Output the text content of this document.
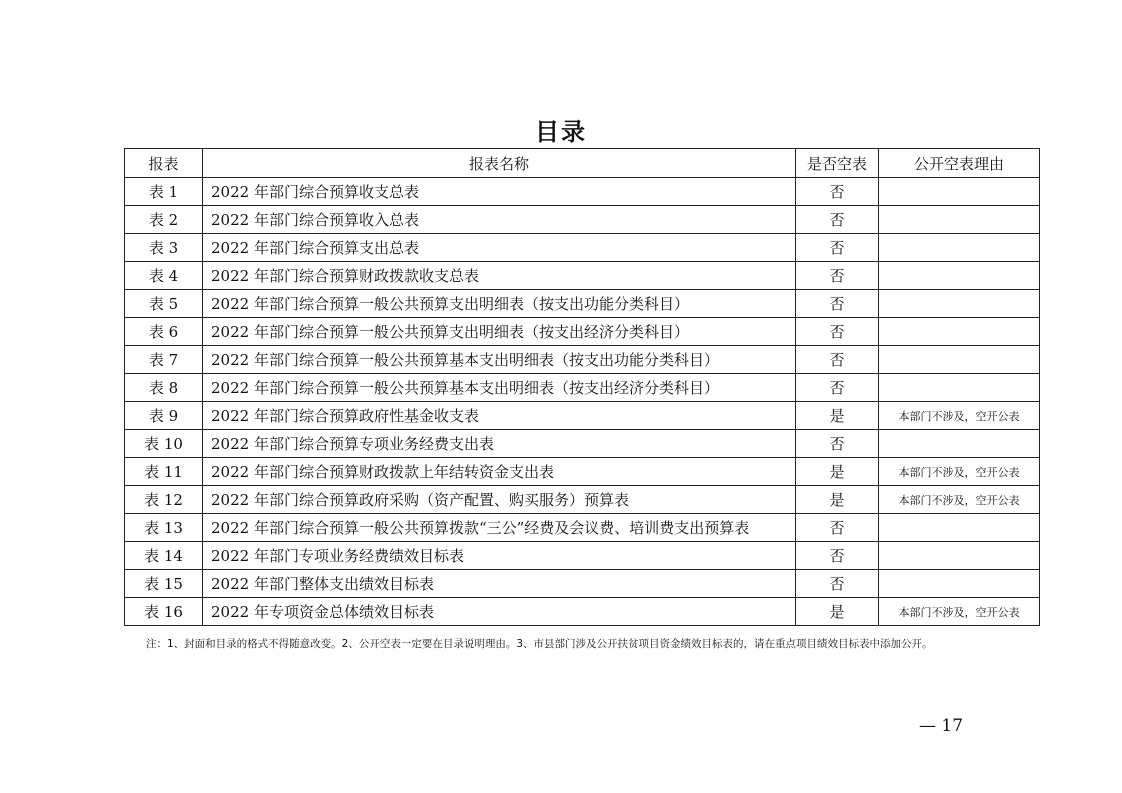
目录
报表	报表名称	是否空表	公开空表理由
表 1	2022 年部门综合预算收支总表	否	
表 2	2022 年部门综合预算收入总表	否	
表 3	2022 年部门综合预算支出总表	否	
表 4	2022 年部门综合预算财政拨款收支总表	否	
表 5	2022 年部门综合预算一般公共预算支出明细表（按支出功能分类科目）	否	
表 6	2022 年部门综合预算一般公共预算支出明细表（按支出经济分类科目）	否	
表 7	2022 年部门综合预算一般公共预算基本支出明细表（按支出功能分类科目）	否	
表 8	2022 年部门综合预算一般公共预算基本支出明细表（按支出经济分类科目）	否	
表 9	2022 年部门综合预算政府性基金收支表	是	本部门不涉及，空开公表
表 10	2022 年部门综合预算专项业务经费支出表	否	
表 11	2022 年部门综合预算财政拨款上年结转资金支出表	是	本部门不涉及，空开公表
表 12	2022 年部门综合预算政府采购（资产配置、购买服务）预算表	是	本部门不涉及，空开公表
表 13	2022 年部门综合预算一般公共预算拨款“三公”经费及会议费、培训费支出预算表	否	
表 14	2022 年部门专项业务经费绩效目标表	否	
表 15	2022 年部门整体支出绩效目标表	否	
表 16	2022 年专项资金总体绩效目标表	是	本部门不涉及，空开公表
注：1、封面和目录的格式不得随意改变。2、公开空表一定要在目录说明理由。3、市县部门涉及公开扶贫项目资金绩效目标表的，请在重点项目绩效目标表中添加公开。
— 17
